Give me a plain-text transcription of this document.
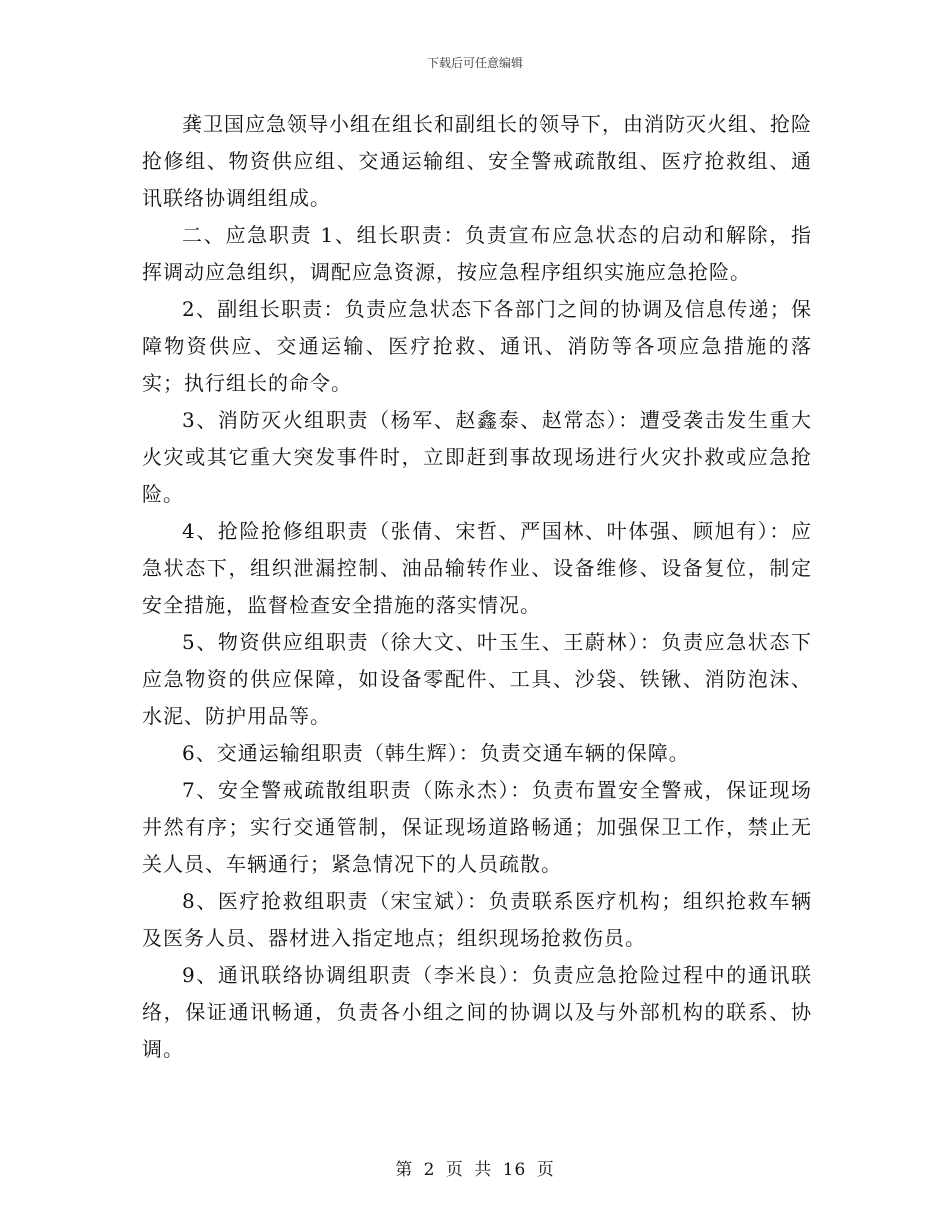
下载后可任意编辑

龚卫国应急领导小组在组长和副组长的领导下，由消防灭火组、抢险抢修组、物资供应组、交通运输组、安全警戒疏散组、医疗抢救组、通讯联络协调组组成。

二、应急职责 1、组长职责：负责宣布应急状态的启动和解除，指挥调动应急组织，调配应急资源，按应急程序组织实施应急抢险。

2、副组长职责：负责应急状态下各部门之间的协调及信息传递；保障物资供应、交通运输、医疗抢救、通讯、消防等各项应急措施的落实；执行组长的命令。

3、消防灭火组职责（杨军、赵鑫泰、赵常态）：遭受袭击发生重大火灾或其它重大突发事件时，立即赶到事故现场进行火灾扑救或应急抢险。

4、抢险抢修组职责（张倩、宋哲、严国林、叶体强、顾旭有）：应急状态下，组织泄漏控制、油品输转作业、设备维修、设备复位，制定安全措施，监督检查安全措施的落实情况。

5、物资供应组职责（徐大文、叶玉生、王蔚林）：负责应急状态下应急物资的供应保障，如设备零配件、工具、沙袋、铁锹、消防泡沫、水泥、防护用品等。

6、交通运输组职责（韩生辉）：负责交通车辆的保障。

7、安全警戒疏散组职责（陈永杰）：负责布置安全警戒，保证现场井然有序；实行交通管制，保证现场道路畅通；加强保卫工作，禁止无关人员、车辆通行；紧急情况下的人员疏散。

8、医疗抢救组职责（宋宝斌）：负责联系医疗机构；组织抢救车辆及医务人员、器材进入指定地点；组织现场抢救伤员。

9、通讯联络协调组职责（李米良）：负责应急抢险过程中的通讯联络，保证通讯畅通，负责各小组之间的协调以及与外部机构的联系、协调。

第 2 页 共 16 页
